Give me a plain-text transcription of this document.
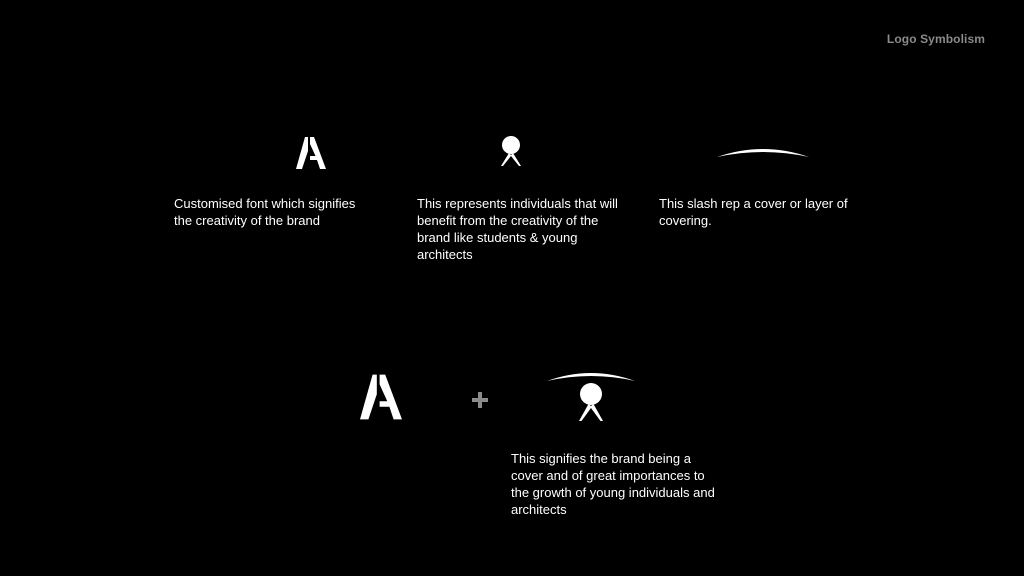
Logo Symbolism
Customised font which signifies the creativity of the brand
This represents individuals that will benefit from the creativity of the brand like students & young architects
This slash rep a cover or layer of covering.
This signifies the brand being a cover and of great importances to the growth of young individuals and architects
